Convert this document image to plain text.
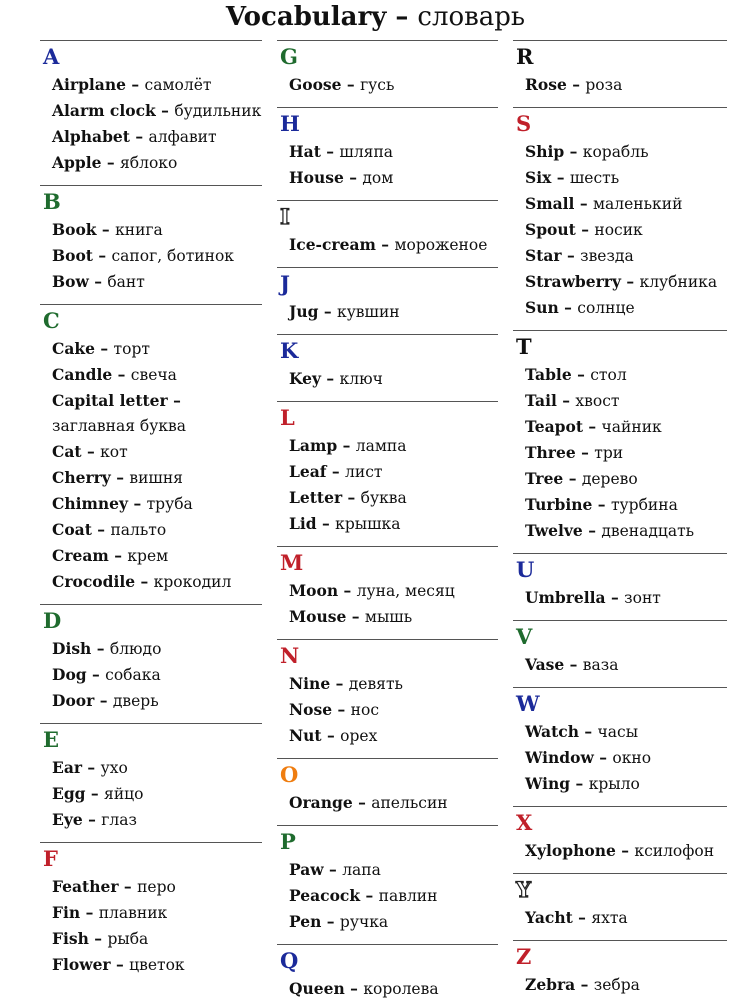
Vocabulary – словарь
A
Airplane – самолёт
Alarm clock – будильник
Alphabet – алфавит
Apple – яблоко
B
Book – книга
Boot – сапог, ботинок
Bow – бант
C
Cake – торт
Candle – свеча
Capital letter – заглавная буква
Cat – кот
Cherry – вишня
Chimney – труба
Coat – пальто
Cream – крем
Crocodile – крокодил
D
Dish – блюдо
Dog – собака
Door – дверь
E
Ear – ухо
Egg – яйцо
Eye – глаз
F
Feather – перо
Fin – плавник
Fish – рыба
Flower – цветок
G
Goose – гусь
H
Hat – шляпа
House – дом
I
Ice-cream – мороженое
J
Jug – кувшин
K
Key – ключ
L
Lamp – лампа
Leaf – лист
Letter – буква
Lid – крышка
M
Moon – луна, месяц
Mouse – мышь
N
Nine – девять
Nose – нос
Nut – орех
O
Orange – апельсин
P
Paw – лапа
Peacock – павлин
Pen – ручка
Q
Queen – королева
R
Rose – роза
S
Ship – корабль
Six – шесть
Small – маленький
Spout – носик
Star – звезда
Strawberry – клубника
Sun – солнце
T
Table – стол
Tail – хвост
Teapot – чайник
Three – три
Tree – дерево
Turbine – турбина
Twelve – двенадцать
U
Umbrella – зонт
V
Vase – ваза
W
Watch – часы
Window – окно
Wing – крыло
X
Xylophone – ксилофон
Y
Yacht – яхта
Z
Zebra – зебра
